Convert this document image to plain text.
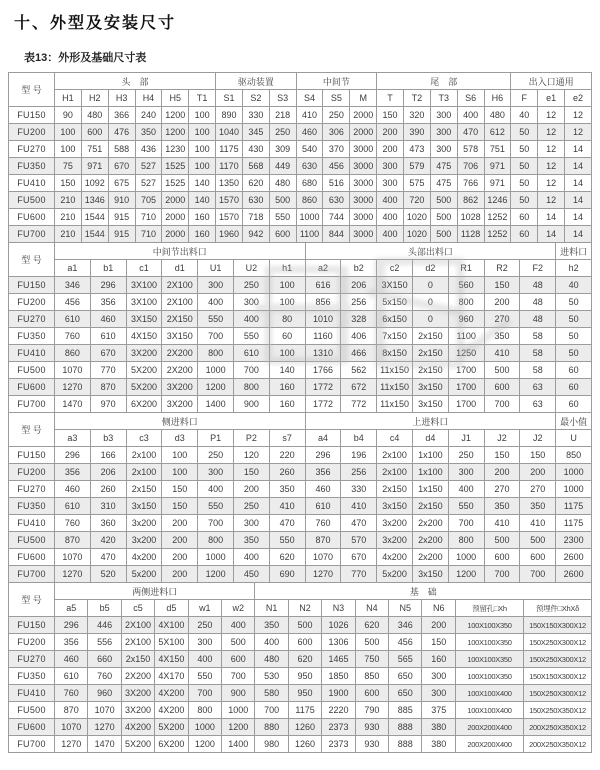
十、外型及安装尺寸
表13：外形及基础尺寸表
型 号	头　部						驱动装置			中间节			尾　部					出入口通用		
	H1	H2	H3	H4	H5	T1	S1	S2	S3	S4	S5	M	T	T2	T3	S6	H6	F	e1	e2
FU150	90	480	366	240	1200	100	890	330	218	410	250	2000	150	320	300	400	480	40	12	12
FU200	100	600	476	350	1200	100	1040	345	250	460	306	2000	200	390	300	470	612	50	12	12
FU270	100	751	588	436	1230	100	1175	430	309	540	370	3000	200	473	300	578	751	50	12	14
FU350	75	971	670	527	1525	100	1170	568	449	630	456	3000	300	579	475	706	971	50	12	14
FU410	150	1092	675	527	1525	140	1350	620	480	680	516	3000	300	575	475	766	971	50	12	14
FU500	210	1346	910	705	2000	140	1570	630	500	860	630	3000	400	720	500	862	1246	50	12	14
FU600	210	1544	915	710	2000	160	1570	718	550	1000	744	3000	400	1020	500	1028	1252	60	14	14
FU700	210	1544	915	710	2000	160	1960	942	600	1100	844	3000	400	1020	500	1128	1252	60	14	14
型 号	中间节出料口							头部出料口							进料口
	a1	b1	c1	d1	U1	U2	h1	a2	b2	c2	d2	R1	R2	F2	h2
FU150	346	296	3X100	2X100	300	250	100	616	206	3X150	0	560	150	48	40
FU200	456	356	3X100	2X100	400	300	100	856	256	5x150	0	800	200	48	50
FU270	610	460	3X150	2X150	550	400	80	1010	328	6x150	0	960	270	48	50
FU350	760	610	4X150	3X150	700	550	60	1160	406	7x150	2x150	1100	350	58	50
FU410	860	670	3X200	2X200	800	610	100	1310	466	8x150	2x150	1250	410	58	50
FU500	1070	770	5X200	2X200	1000	700	140	1766	562	11x150	2x150	1700	500	58	60
FU600	1270	870	5X200	3X200	1200	800	160	1772	672	11x150	3x150	1700	600	63	60
FU700	1470	970	6X200	3X200	1400	900	160	1772	772	11x150	3x150	1700	700	63	60
型 号	侧进料口							上进料口							最小值
	a3	b3	c3	d3	P1	P2	s7	a4	b4	c4	d4	J1	J2	J2	U
FU150	296	166	2x100	100	250	120	220	296	196	2x100	1x100	250	150	150	850
FU200	356	206	2x100	100	300	150	260	356	256	2x100	1x100	300	200	200	1000
FU270	460	260	2x150	150	400	200	350	460	330	2x150	1x150	400	270	270	1000
FU350	610	310	3x150	150	550	250	410	610	410	3x150	2x150	550	350	350	1175
FU410	760	360	3x200	200	700	300	470	760	470	3x200	2x200	700	410	410	1175
FU500	870	420	3x200	200	800	350	550	870	570	3x200	2x200	800	500	500	2300
FU600	1070	470	4x200	200	1000	400	620	1070	670	4x200	2x200	1000	600	600	2600
FU700	1270	520	5x200	200	1200	450	690	1270	770	5x200	3x150	1200	700	700	2600
型 号	两侧进料口						基　础							
	a5	b5	c5	d5	w1	w2	N1	N2	N3	N4	N5	N6	预留孔□Xh	预埋件□XhXδ
FU150	296	446	2X100	4X100	250	400	350	500	1026	620	346	200	100X100X350	150X150X300X12
FU200	356	556	2X100	5X100	300	500	400	600	1306	500	456	150	100X100X350	150X250X300X12
FU270	460	660	2x150	4X150	400	600	480	620	1465	750	565	160	100X100X350	150X250X300X12
FU350	610	760	2X200	4X170	550	700	530	950	1850	850	650	300	100X100X350	150X150X300X12
FU410	760	960	3X200	4X200	700	900	580	950	1900	600	650	300	100X100X400	150X250X300X12
FU500	870	1070	3X200	4X200	800	1000	700	1175	2220	790	885	375	100X100X400	150X250X350X12
FU600	1070	1270	4X200	5X200	1000	1200	880	1260	2373	930	888	380	200X200X400	200X250X350X12
FU700	1270	1470	5X200	6X200	1200	1400	980	1260	2373	930	888	380	200X200X400	200X250X350X12
